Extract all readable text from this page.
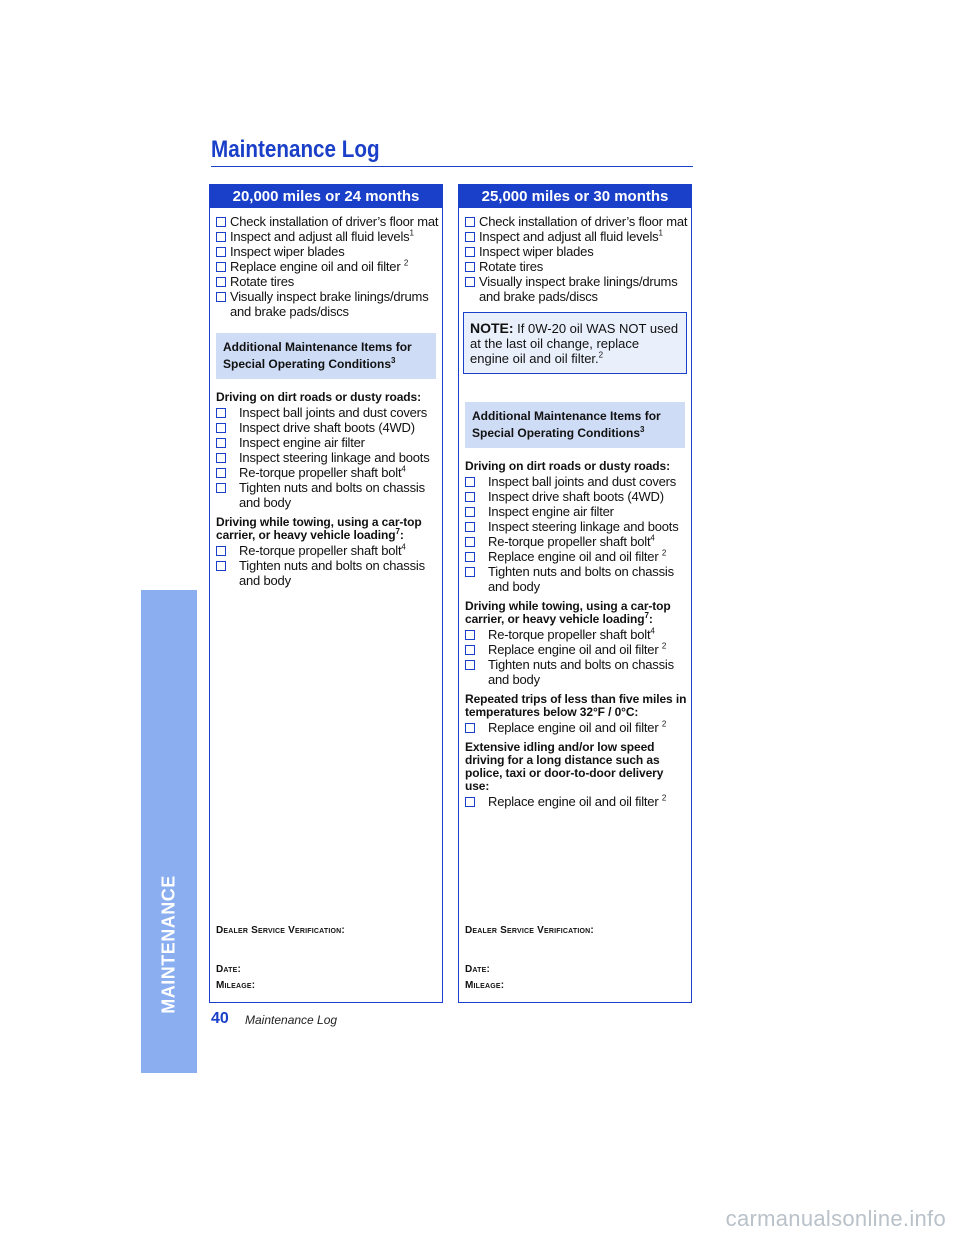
MAINTENANCE
Maintenance Log
20,000 miles or 24 months
Check installation of driver’s floor mat
Inspect and adjust all fluid levels$^1$
Inspect wiper blades
Replace engine oil and oil filter $^2$
Rotate tires
Visually inspect brake linings/drums and brake pads/discs
Additional Maintenance Items for
Special Operating Conditions$^3$
Driving on dirt roads or dusty roads:
Inspect ball joints and dust covers
Inspect drive shaft boots (4WD)
Inspect engine air filter
Inspect steering linkage and boots
Re-torque propeller shaft bolt$^4$
Tighten nuts and bolts on chassis and body
Driving while towing, using a car-top carrier, or heavy vehicle loading$^7$:
Re-torque propeller shaft bolt$^4$
Tighten nuts and bolts on chassis and body
Dealer Service Verification:
Date:
Mileage:
25,000 miles or 30 months
Check installation of driver’s floor mat
Inspect and adjust all fluid levels$^1$
Inspect wiper blades
Rotate tires
Visually inspect brake linings/drums and brake pads/discs
NOTE: If 0W-20 oil WAS NOT used at the last oil change, replace engine oil and oil filter.$^2$
Additional Maintenance Items for
Special Operating Conditions$^3$
Driving on dirt roads or dusty roads:
Inspect ball joints and dust covers
Inspect drive shaft boots (4WD)
Inspect engine air filter
Inspect steering linkage and boots
Re-torque propeller shaft bolt$^4$
Replace engine oil and oil filter $^2$
Tighten nuts and bolts on chassis and body
Driving while towing, using a car-top carrier, or heavy vehicle loading$^7$:
Re-torque propeller shaft bolt$^4$
Replace engine oil and oil filter $^2$
Tighten nuts and bolts on chassis and body
Repeated trips of less than five miles in temperatures below 32°F / 0°C:
Replace engine oil and oil filter $^2$
Extensive idling and/or low speed driving for a long distance such as police, taxi or door-to-door delivery use:
Replace engine oil and oil filter $^2$
Dealer Service Verification:
Date:
Mileage:
40 Maintenance Log
carmanualsonline.info
